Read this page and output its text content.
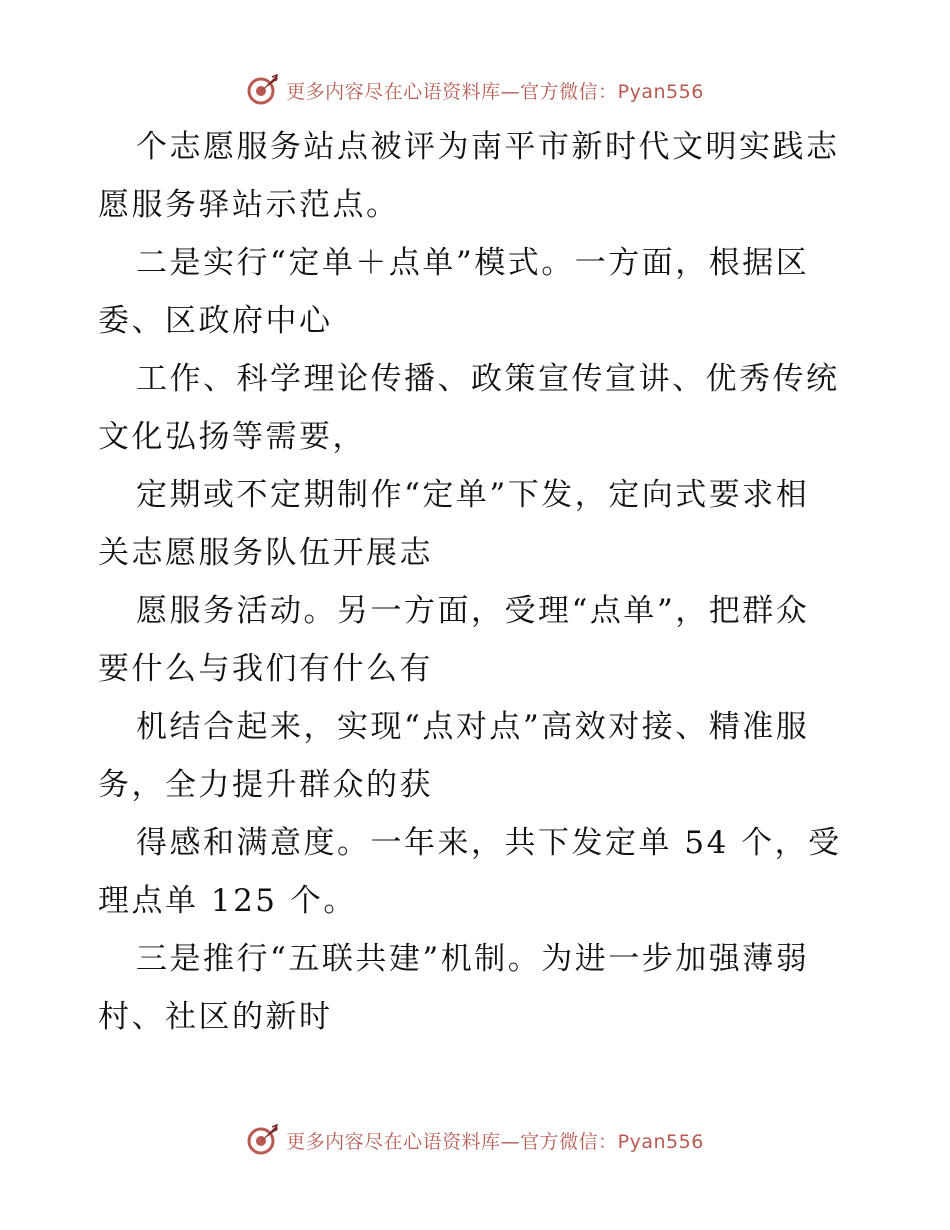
更多内容尽在心语资料库—官方微信：Pyan556
个志愿服务站点被评为南平市新时代文明实践志
愿服务驿站示范点。
二是实行“定单＋点单”模式。一方面，根据区
委、区政府中心
工作、科学理论传播、政策宣传宣讲、优秀传统
文化弘扬等需要，
定期或不定期制作“定单”下发，定向式要求相
关志愿服务队伍开展志
愿服务活动。另一方面，受理“点单”，把群众
要什么与我们有什么有
机结合起来，实现“点对点”高效对接、精准服
务，全力提升群众的获
得感和满意度。一年来，共下发定单 54 个，受
理点单 125 个。
三是推行“五联共建”机制。为进一步加强薄弱
村、社区的新时
更多内容尽在心语资料库—官方微信：Pyan556
